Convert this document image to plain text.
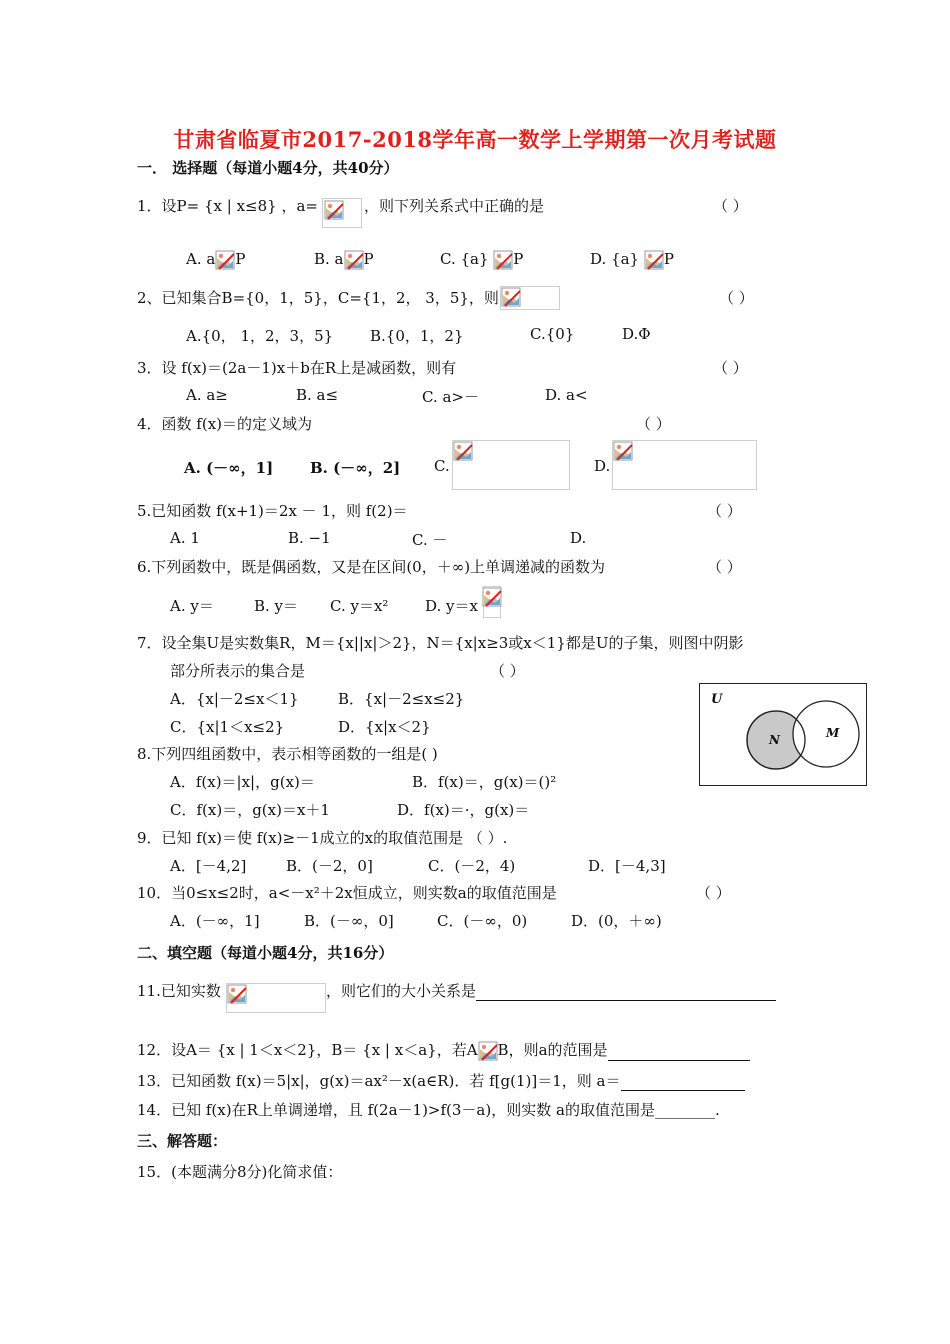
甘肃省临夏市2017-2018学年高一数学上学期第一次月考试题
一． 选择题（每道小题4分，共40分）
1．设P= {x | x≤8} ，a=	，则下列关系式中正确的是	（ ）
A. a P	B. a P	C. {a} P	D. {a} P
2、已知集合B={0，1，5}，C={1，2， 3，5}，则	（ ）
A.{0， 1，2，3，5} B.{0，1，2}	C.{0}	D.Φ
3．设 f(x)＝(2a－1)x＋b在R上是减函数，则有	（ ）
A. a≥	B. a≤	C. a>－	D. a<
4．函数 f(x)＝的定义域为	（ ）
A. (－∞，1] B. (－∞，2] C.	D.
5.已知函数 f(x+1)＝2x － 1，则 f(2)＝	（ ）
A. 1	B. −1	C. －	D.
6.下列函数中，既是偶函数，又是在区间(0，＋∞)上单调递减的函数为	（ ）
A. y＝	B. y＝ C. y＝x² D. y＝x
7．设全集U是实数集R，M＝{x||x|＞2}，N＝{x|x≥3或x＜1}都是U的子集，则图中阴影
部分所表示的集合是	（ ）
A．{x|－2≤x＜1}	B．{x|－2≤x≤2}
C．{x|1＜x≤2}	D．{x|x＜2}
U
N	M
8.下列四组函数中，表示相等函数的一组是( )
A．f(x)＝|x|，g(x)＝	B．f(x)＝，g(x)＝()²
C．f(x)＝，g(x)＝x＋1	D．f(x)＝·，g(x)＝
9．已知 f(x)＝使 f(x)≥－1成立的x的取值范围是 （ ）.
A．[－4,2]	B．(－2，0]	C．(－2，4)	D．[－4,3]
10．当0≤x≤2时，a<－x²＋2x恒成立，则实数a的取值范围是	（ ）
A．(－∞，1]	B．(－∞，0]	C．(－∞，0)	D．(0，＋∞)
二、填空题（每道小题4分，共16分）
11.已知实数	，则它们的大小关系是
12．设A＝ {x | 1＜x＜2}，B＝ {x | x＜a}，若A B，则a的范围是
13．已知函数 f(x)＝5|x|，g(x)＝ax²－x(a∈R)．若 f[g(1)]＝1，则 a＝
14．已知 f(x)在R上单调递增，且 f(2a－1)>f(3－a)，则实数 a的取值范围是________.
三、解答题：
15．(本题满分8分)化简求值：
